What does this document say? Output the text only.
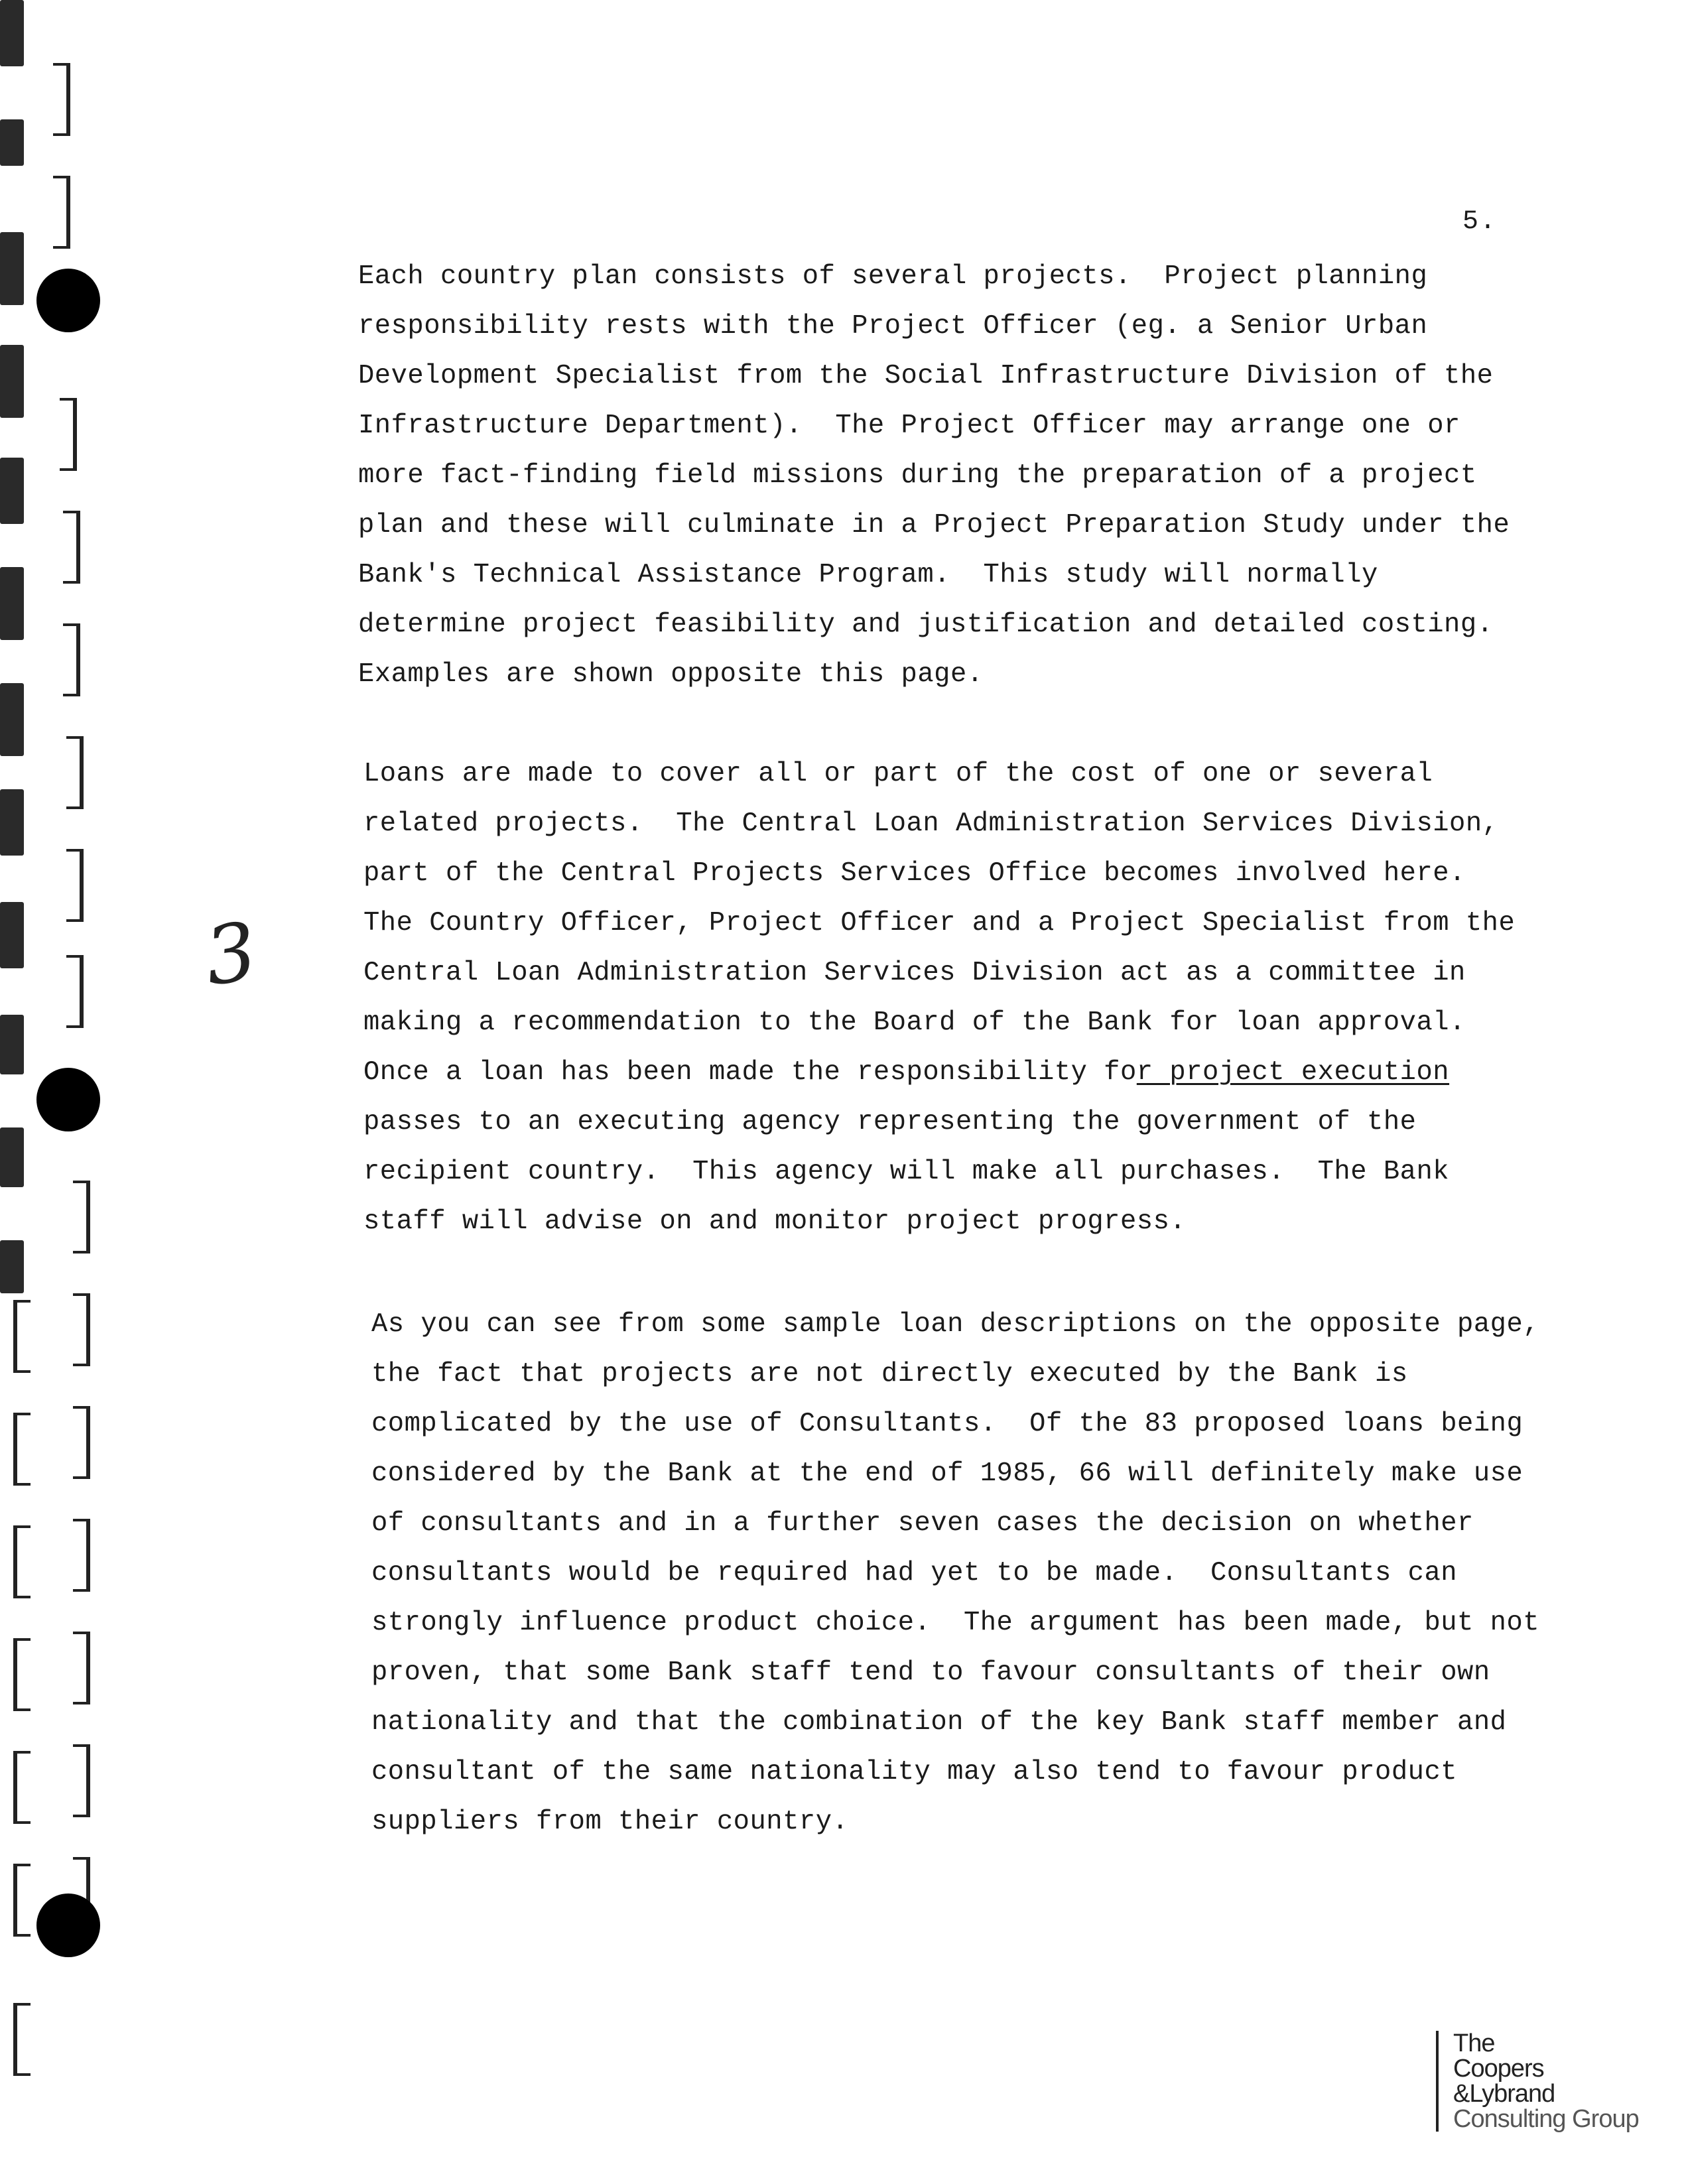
5.
3
Each country plan consists of several projects.  Project planning
responsibility rests with the Project Officer (eg. a Senior Urban
Development Specialist from the Social Infrastructure Division of the
Infrastructure Department).  The Project Officer may arrange one or
more fact-finding field missions during the preparation of a project
plan and these will culminate in a Project Preparation Study under the
Bank's Technical Assistance Program.  This study will normally
determine project feasibility and justification and detailed costing.
Examples are shown opposite this page.
Loans are made to cover all or part of the cost of one or several
related projects.  The Central Loan Administration Services Division,
part of the Central Projects Services Office becomes involved here.
The Country Officer, Project Officer and a Project Specialist from the
Central Loan Administration Services Division act as a committee in
making a recommendation to the Board of the Bank for loan approval.
Once a loan has been made the responsibility for project execution
passes to an executing agency representing the government of the
recipient country.  This agency will make all purchases.  The Bank
staff will advise on and monitor project progress.
As you can see from some sample loan descriptions on the opposite page,
the fact that projects are not directly executed by the Bank is
complicated by the use of Consultants.  Of the 83 proposed loans being
considered by the Bank at the end of 1985, 66 will definitely make use
of consultants and in a further seven cases the decision on whether
consultants would be required had yet to be made.  Consultants can
strongly influence product choice.  The argument has been made, but not
proven, that some Bank staff tend to favour consultants of their own
nationality and that the combination of the key Bank staff member and
consultant of the same nationality may also tend to favour product
suppliers from their country.
The
Coopers
&Lybrand
Consulting Group
